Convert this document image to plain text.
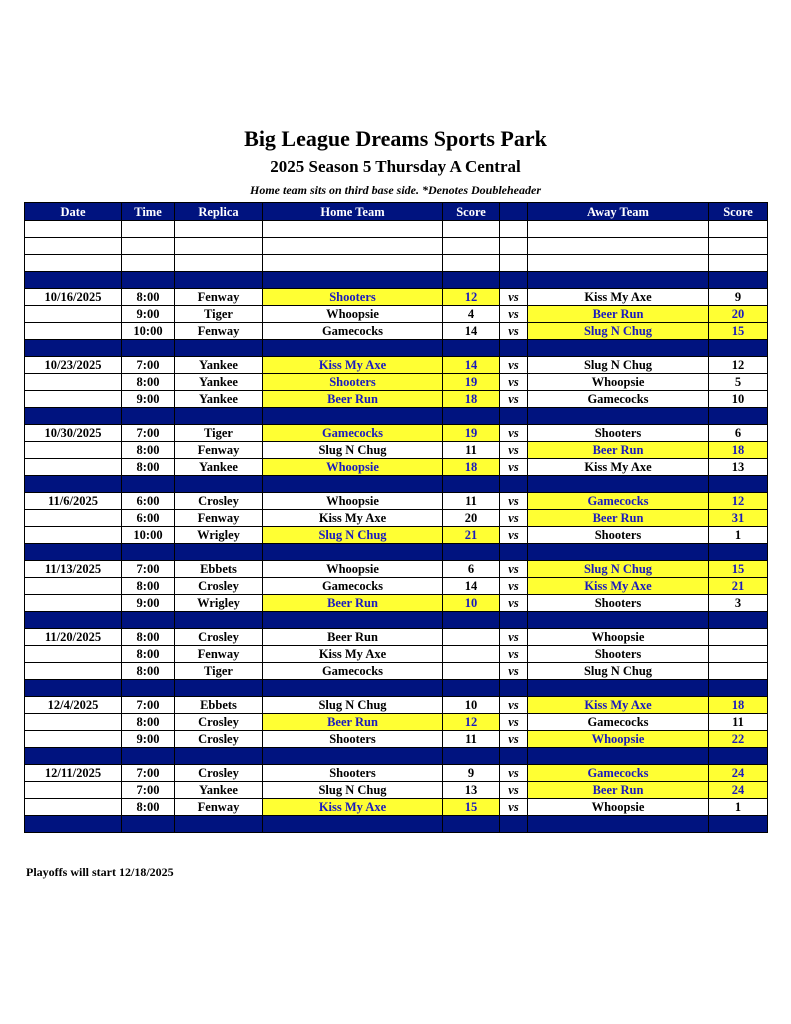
Big League Dreams Sports Park
2025 Season 5 Thursday A Central
Home team sits on third base side. *Denotes Doubleheader
Date	Time	Replica	Home Team	Score		Away Team	Score

10/16/2025	8:00	Fenway	Shooters	12	vs	Kiss My Axe	9
	9:00	Tiger	Whoopsie	4	vs	Beer Run	20
	10:00	Fenway	Gamecocks	14	vs	Slug N Chug	15

10/23/2025	7:00	Yankee	Kiss My Axe	14	vs	Slug N Chug	12
	8:00	Yankee	Shooters	19	vs	Whoopsie	5
	9:00	Yankee	Beer Run	18	vs	Gamecocks	10

10/30/2025	7:00	Tiger	Gamecocks	19	vs	Shooters	6
	8:00	Fenway	Slug N Chug	11	vs	Beer Run	18
	8:00	Yankee	Whoopsie	18	vs	Kiss My Axe	13

11/6/2025	6:00	Crosley	Whoopsie	11	vs	Gamecocks	12
	6:00	Fenway	Kiss My Axe	20	vs	Beer Run	31
	10:00	Wrigley	Slug N Chug	21	vs	Shooters	1

11/13/2025	7:00	Ebbets	Whoopsie	6	vs	Slug N Chug	15
	8:00	Crosley	Gamecocks	14	vs	Kiss My Axe	21
	9:00	Wrigley	Beer Run	10	vs	Shooters	3

11/20/2025	8:00	Crosley	Beer Run		vs	Whoopsie	
	8:00	Fenway	Kiss My Axe		vs	Shooters	
	8:00	Tiger	Gamecocks		vs	Slug N Chug	

12/4/2025	7:00	Ebbets	Slug N Chug	10	vs	Kiss My Axe	18
	8:00	Crosley	Beer Run	12	vs	Gamecocks	11
	9:00	Crosley	Shooters	11	vs	Whoopsie	22

12/11/2025	7:00	Crosley	Shooters	9	vs	Gamecocks	24
	7:00	Yankee	Slug N Chug	13	vs	Beer Run	24
	8:00	Fenway	Kiss My Axe	15	vs	Whoopsie	1

Playoffs will start 12/18/2025
